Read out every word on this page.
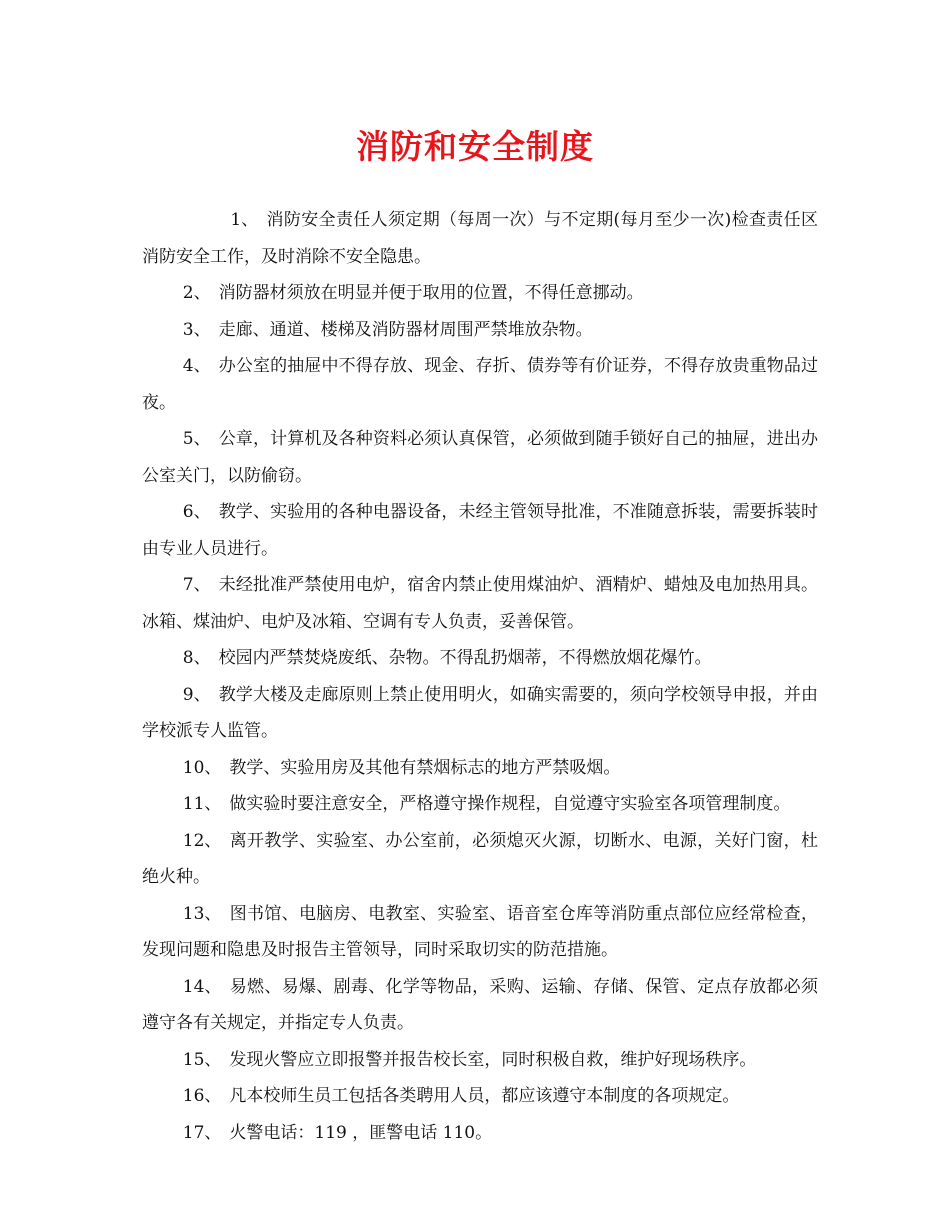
消防和安全制度

1、 消防安全责任人须定期（每周一次）与不定期(每月至少一次)检查责任区消防安全工作，及时消除不安全隐患。

2、 消防器材须放在明显并便于取用的位置，不得任意挪动。

3、 走廊、通道、楼梯及消防器材周围严禁堆放杂物。

4、 办公室的抽屉中不得存放、现金、存折、债券等有价证券，不得存放贵重物品过夜。

5、 公章，计算机及各种资料必须认真保管，必须做到随手锁好自己的抽屉，进出办公室关门，以防偷窃。

6、 教学、实验用的各种电器设备，未经主管领导批准，不准随意拆装，需要拆装时由专业人员进行。

7、 未经批准严禁使用电炉，宿舍内禁止使用煤油炉、酒精炉、蜡烛及电加热用具。冰箱、煤油炉、电炉及冰箱、空调有专人负责，妥善保管。

8、 校园内严禁焚烧废纸、杂物。不得乱扔烟蒂，不得燃放烟花爆竹。

9、 教学大楼及走廊原则上禁止使用明火，如确实需要的，须向学校领导申报，并由学校派专人监管。

10、 教学、实验用房及其他有禁烟标志的地方严禁吸烟。

11、 做实验时要注意安全，严格遵守操作规程，自觉遵守实验室各项管理制度。

12、 离开教学、实验室、办公室前，必须熄灭火源，切断水、电源，关好门窗，杜绝火种。

13、 图书馆、电脑房、电教室、实验室、语音室仓库等消防重点部位应经常检查，发现问题和隐患及时报告主管领导，同时采取切实的防范措施。

14、 易燃、易爆、剧毒、化学等物品，采购、运输、存储、保管、定点存放都必须遵守各有关规定，并指定专人负责。

15、 发现火警应立即报警并报告校长室，同时积极自救，维护好现场秩序。

16、 凡本校师生员工包括各类聘用人员，都应该遵守本制度的各项规定。

17、 火警电话：119 ，匪警电话 110。
